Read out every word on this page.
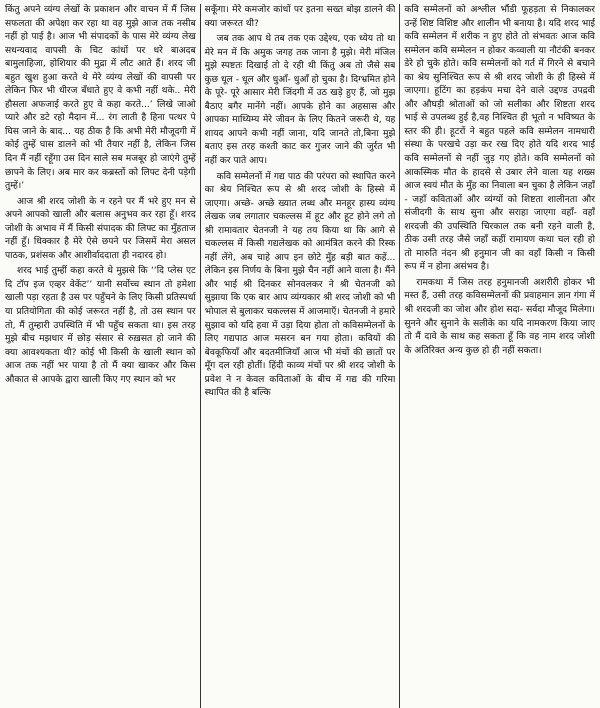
किंतु अपने व्यंग्य लेखों के प्रकाशन और वाचन में मैं जिस सफलता की अपेक्षा कर रहा था वह मुझे आज तक नसीब नहीं हो पाई है। आज भी संपादकों के पास मेरे व्यंग्य लेख सधन्यवाद वापसी के चिट कांधों पर धरे बाअदब बामुलाहिजा, होशियार की मुद्रा में लौट आते हैं। शरद जी बहुत खुश हुआ करते थे मेरे व्यंग्य लेखों की वापसी पर लेकिन फिर भी धीरज बँधाते हुए वे कभी नहीं थके.. मेरी हौसला अफजाई करते हुए वे कहा करते...’ लिखे जाओ प्यारे और डटे रहो मैदान में... रंग लाती है हिना पत्थर पे घिस जाने के बाद... यह ठीक है कि अभी मेरी मौजूदगी में कोई तुम्हें घास डालने को भी तैयार नहीं है, लेकिन जिस दिन मैं नहीं रहूँगा उस दिन साले सब मजबूर हो जाएंगे तुम्हें छापने के लिए। अब मार कर कब्रस्तों को लिफ्ट देनी पड़ेगी तुम्हें।’

आज श्री शरद जोशी के न रहने पर मैं भरे हुए मन से अपने आपको खाली और बलास अनुभव कर रहा हूँ। शरद जोशी के अभाव में मैं किसी संपादक की लिफ्ट का मुँहताज नहीं हूँ। धिक्कार है मेरे ऐसे छपने पर जिसमें मेरा असल पाठक, प्रशंसक और आशीर्वाददाता ही नदारद हो।

शरद भाई तुम्हीं कहा करते थे मुझसे कि ‘‘दि प्लेस एट दि टॉप इज एव्हर वेकेंट’’ यानी सर्वोच्च स्थान तो हमेशा खाली पड़ा रहता है उस पर पहुँचने के लिए किसी प्रतिस्पर्धा या प्रतियोगिता की कोई जरूरत नहीं है, तो उस स्थान पर तो, मैं तुम्हारी उपस्थिति में भी पहुँच सकता था। इस तरह मुझे बीच मझधार में छोड़ संसार से रुख़सत हो जाने की क्या आवश्यकता थी? कोई भी किसी के खाली स्थान को आज तक नहीं भर पाया है तो मैं क्या खाकर और किस औकात से आपके द्वारा खाली किए गए स्थान को भर

सकूँगा। मेरे कमजोर कांधों पर इतना सख्त बोझ डालने की क्या जरूरत थी?

जब तक आप थे तब तक एक उद्देश्य, एक ध्येय तो था मेरे मन में कि अमुक जगह तक जाना है मुझे। मेरी मंजिल मुझे स्पष्टतः दिखाई तो दे रही थी किंतु अब तो जैसे सब कुछ धूल - धूल और धुआँ- धुआँ हो चुका है। दिग्भ्रमित होने के पूरे- पूरे आसार मेरी जिंदगी में उठ खड़े हुए हैं, जो मुझ बैठाए बगैर मानेंगे नहीं। आपके होने का अहसास और आपका माध्यिम्य मेरे जीवन के लिए कितने जरूरी थे, यह शायद आपने कभी नहीं जाना, यदि जानते तो,बिना मुझे बताए इस तरह कश्ती काट कर गुजर जाने की जुर्रत भी नहीं कर पाते आप।

कवि सम्मेलनों में गद्य पाठ की परंपरा को स्थापित करने का श्रेय निश्चित रूप से श्री शरद जोशी के हिस्से में जाएगा। अच्छे- अच्छे ख्यात लब्ध और मनहूर हास्य व्यंग्य लेखक जब लगातार चकल्लस में हूट और हूट होने लगे तो श्री रामावतार चेतनजी ने यह तय किया था कि आगे से चकल्लस में किसी गद्यलेखक को आमंत्रित करने की रिस्क नहीं लेंगे, अब चाहे आप इन छोटे मुँह बड़ी बात कहें... लेकिन इस निर्णय के बिना मुझे चैन नहीं आने वाला है। मैंने और भाई श्री दिनकर सोनवलकर ने श्री चेतनजी को सुझाया कि एक बार आप व्यंग्यकार श्री शरद जोशी को भी भोपाल से बुलाकर चकल्लस में आजमाएँ। चेतनजी ने हमारे सुझाव को यदि हवा में उड़ा दिया होता तो कविसम्मेलनों के लिए गद्यपाठ आज मसरन बन गया होता। कवियों की बेवकूफियाँ और बदतमीजियाँ आज भी मंचों की छातों पर मूँग दल रही होतीं। हिंदी काव्य मंचों पर श्री शरद जोशी के प्रवेश ने न केवल कविताओं के बीच में गद्य की गरिमा स्थापित की है बल्कि

कवि सम्मेलनों को अश्लील भौंडी फूहड़ता से निकालकर उन्हें शिष्ट विशिष्ट और शालीन भी बनाया है। यदि शरद भाई कवि सम्मेलन में शरीक न हुए होते तो संभवतः आज कवि सम्मेलन कवि सम्मेलन न होकर कव्वाली या नौटंकी बनकर डेरे हो चुके होते। कवि सम्मेलनों को गर्त में गिरने से बचाने का श्रेय सुनिश्चित रूप से श्री शरद जोशी के ही हिस्से में जाएगा। हूटिंग का हड़कंप मचा देने वाले उद्दण्ड उपद्रवी और औघड़ी श्रोताओं को जो सलीका और शिष्टता शरद भाई से उपलब्ध हुई है,वह निश्चित ही भूतो न भविष्यत के स्तर की ही। हूटरों ने बहुत पहले कवि सम्मेलन नामधारी संस्था के परखचे उड़ा कर रख दिए होते यदि शरद भाई कवि सम्मेलनों से नहीं जुड़ गए होते। कवि सम्मेलनों को आकस्मिक मौत के हादसे से उबार लेने वाला यह शख्स आज स्वयं मौत के मुँह का निवाला बन चुका है लेकिन जहाँ - जहाँ कविताओं और व्यंग्यों को शिष्टता शालीनता और संजीदगी के साथ सुना और सराहा जाएगा वहाँ- वहाँ शरदजी की उपस्थिति चिरकाल तक बनी रहने वाली है, ठीक उसी तरह जैसे जहाँ कहीं रामायण कथा चल रही हो तो मारुति नंदन श्री हनुमान जी का वहाँ किसी न किसी रूप में न होना असंभव है।

रामकथा में जिस तरह हनुमानजी अशरीरी होकर भी मस्त हैं, उसी तरह कविसम्मेलनों की प्रवाहमान ज्ञान गंगा में श्री शरदजी का जोश और होश सदा- सर्वदा मौजूद मिलेगा। सुनने और सुनाने के सलीके का यदि नामकरण किया जाए तो मैं दावे के साथ कह सकता हूँ कि वह नाम शरद जोशी के अतिरिक्त अन्य कुछ हो ही नहीं सकता।
